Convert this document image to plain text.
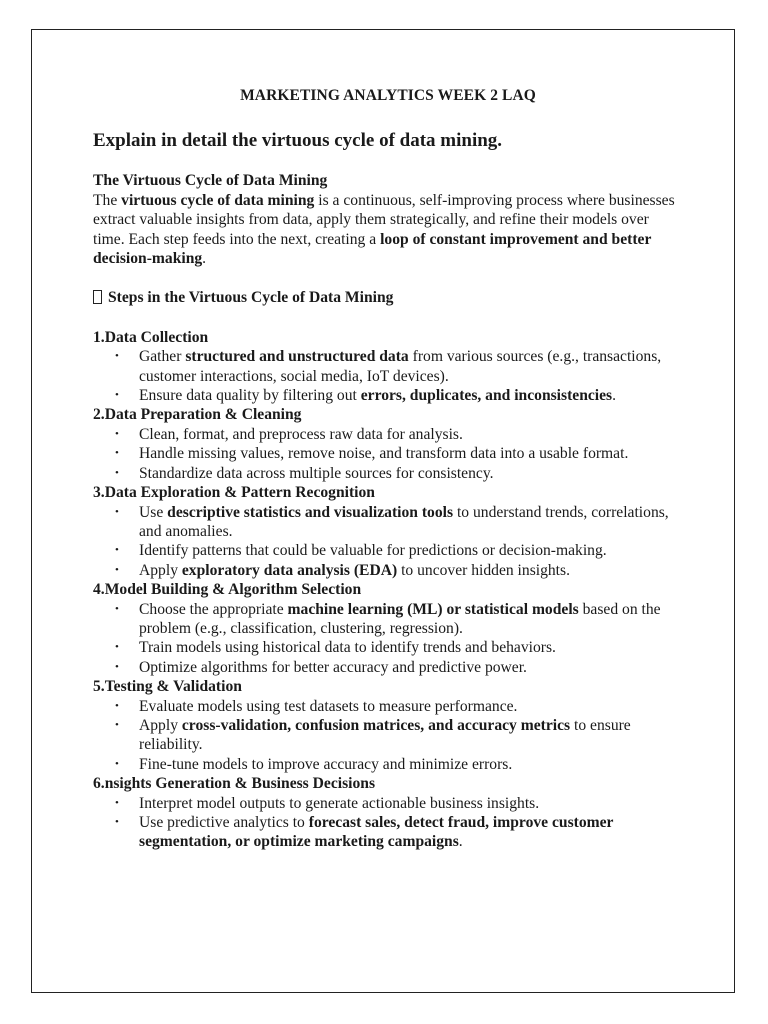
MARKETING ANALYTICS WEEK 2 LAQ
Explain in detail the virtuous cycle of data mining.
The Virtuous Cycle of Data Mining

The virtuous cycle of data mining is a continuous, self-improving process where businesses extract valuable insights from data, apply them strategically, and refine their models over time. Each step feeds into the next, creating a loop of constant improvement and better decision-making.

Steps in the Virtuous Cycle of Data Mining
1.Data Collection
• Gather structured and unstructured data from various sources (e.g., transactions, customer interactions, social media, IoT devices).
• Ensure data quality by filtering out errors, duplicates, and inconsistencies.
2.Data Preparation & Cleaning
• Clean, format, and preprocess raw data for analysis.
• Handle missing values, remove noise, and transform data into a usable format.
• Standardize data across multiple sources for consistency.
3.Data Exploration & Pattern Recognition
• Use descriptive statistics and visualization tools to understand trends, correlations, and anomalies.
• Identify patterns that could be valuable for predictions or decision-making.
• Apply exploratory data analysis (EDA) to uncover hidden insights.
4.Model Building & Algorithm Selection
• Choose the appropriate machine learning (ML) or statistical models based on the problem (e.g., classification, clustering, regression).
• Train models using historical data to identify trends and behaviors.
• Optimize algorithms for better accuracy and predictive power.
5.Testing & Validation
• Evaluate models using test datasets to measure performance.
• Apply cross-validation, confusion matrices, and accuracy metrics to ensure reliability.
• Fine-tune models to improve accuracy and minimize errors.
6.nsights Generation & Business Decisions
• Interpret model outputs to generate actionable business insights.
• Use predictive analytics to forecast sales, detect fraud, improve customer segmentation, or optimize marketing campaigns.
